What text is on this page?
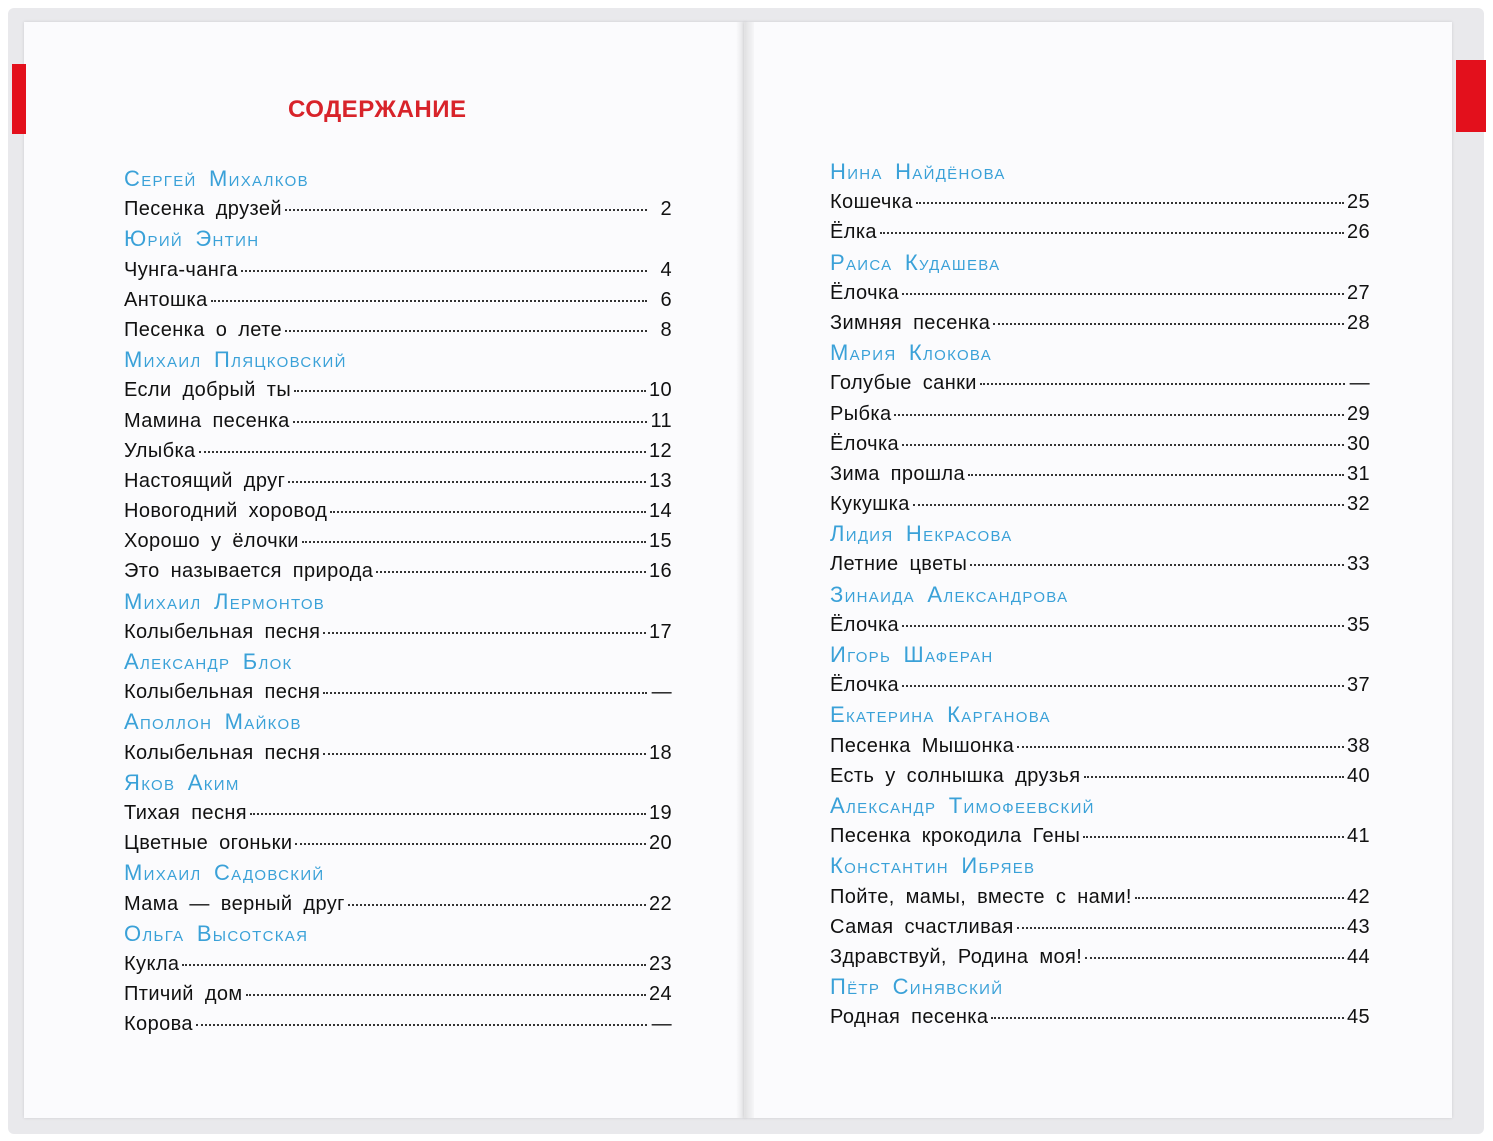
СОДЕРЖАНИЕ
Сергей Михалков
Песенка друзей	2
Юрий Энтин
Чунга-чанга	4
Антошка	6
Песенка о лете	8
Михаил Пляцковский
Если добрый ты	10
Мамина песенка	11
Улыбка	12
Настоящий друг	13
Новогодний хоровод	14
Хорошо у ёлочки	15
Это называется природа	16
Михаил Лермонтов
Колыбельная песня	17
Александр Блок
Колыбельная песня	—
Аполлон Майков
Колыбельная песня	18
Яков Аким
Тихая песня	19
Цветные огоньки	20
Михаил Садовский
Мама — верный друг	22
Ольга Высотская
Кукла	23
Птичий дом	24
Корова	—
Нина Найдёнова
Кошечка	25
Ёлка	26
Раиса Кудашева
Ёлочка	27
Зимняя песенка	28
Мария Клокова
Голубые санки	—
Рыбка	29
Ёлочка	30
Зима прошла	31
Кукушка	32
Лидия Некрасова
Летние цветы	33
Зинаида Александрова
Ёлочка	35
Игорь Шаферан
Ёлочка	37
Екатерина Карганова
Песенка Мышонка	38
Есть у солнышка друзья	40
Александр Тимофеевский
Песенка крокодила Гены	41
Константин Ибряев
Пойте, мамы, вместе с нами!	42
Самая счастливая	43
Здравствуй, Родина моя!	44
Пётр Синявский
Родная песенка	45
